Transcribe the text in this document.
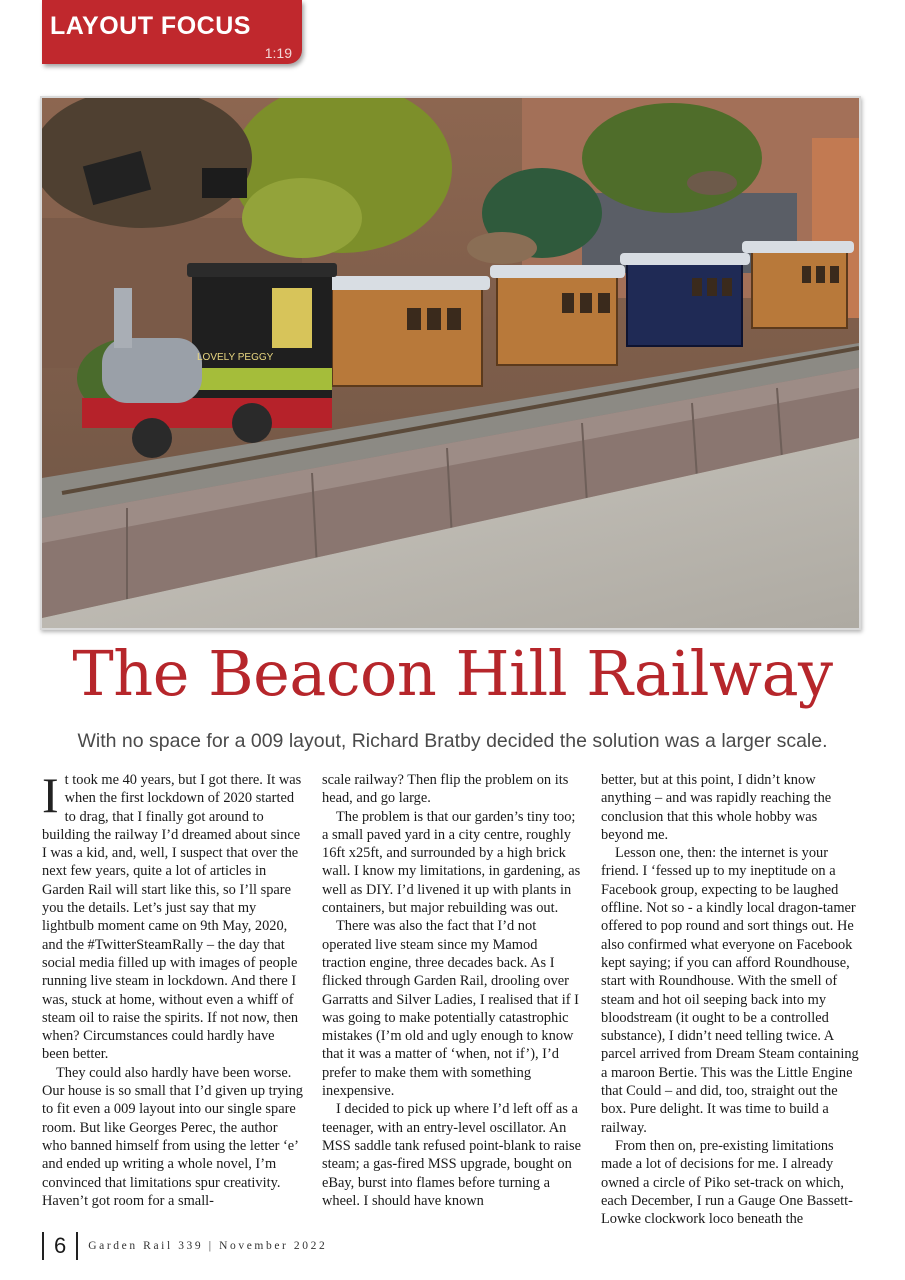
LAYOUT FOCUS
1:19
LOVELY PEGGY
The Beacon Hill Railway
With no space for a 009 layout, Richard Bratby decided the solution was a larger scale.

It took me 40 years, but I got there. It was when the first lockdown of 2020 started to drag, that I finally got around to building the railway I’d dreamed about since I was a kid, and, well, I suspect that over the next few years, quite a lot of articles in Garden Rail will start like this, so I’ll spare you the details. Let’s just say that my lightbulb moment came on 9th May, 2020, and the #TwitterSteamRally – the day that social media filled up with images of people running live steam in lockdown. And there I was, stuck at home, without even a whiff of steam oil to raise the spirits. If not now, then when? Circumstances could hardly have been better.

They could also hardly have been worse. Our house is so small that I’d given up trying to fit even a 009 layout into our single spare room. But like Georges Perec, the author who banned himself from using the letter ‘e’ and ended up writing a whole novel, I’m convinced that limitations spur creativity. Haven’t got room for a small-

scale railway? Then flip the problem on its head, and go large.

The problem is that our garden’s tiny too; a small paved yard in a city centre, roughly 16ft x25ft, and surrounded by a high brick wall. I know my limitations, in gardening, as well as DIY. I’d livened it up with plants in containers, but major rebuilding was out.

There was also the fact that I’d not operated live steam since my Mamod traction engine, three decades back. As I flicked through Garden Rail, drooling over Garratts and Silver Ladies, I realised that if I was going to make potentially catastrophic mistakes (I’m old and ugly enough to know that it was a matter of ‘when, not if’), I’d prefer to make them with something inexpensive.

I decided to pick up where I’d left off as a teenager, with an entry-level oscillator. An MSS saddle tank refused point-blank to raise steam; a gas-fired MSS upgrade, bought on eBay, burst into flames before turning a wheel. I should have known

better, but at this point, I didn’t know anything – and was rapidly reaching the conclusion that this whole hobby was beyond me.

Lesson one, then: the internet is your friend. I ‘fessed up to my ineptitude on a Facebook group, expecting to be laughed offline. Not so - a kindly local dragon-tamer offered to pop round and sort things out. He also confirmed what everyone on Facebook kept saying; if you can afford Roundhouse, start with Roundhouse. With the smell of steam and hot oil seeping back into my bloodstream (it ought to be a controlled substance), I didn’t need telling twice. A parcel arrived from Dream Steam containing a maroon Bertie. This was the Little Engine that Could – and did, too, straight out the box. Pure delight. It was time to build a railway.

From then on, pre-existing limitations made a lot of decisions for me. I already owned a circle of Piko set-track on which, each December, I run a Gauge One Bassett-Lowke clockwork loco beneath the

6	Garden Rail 339 | November 2022
